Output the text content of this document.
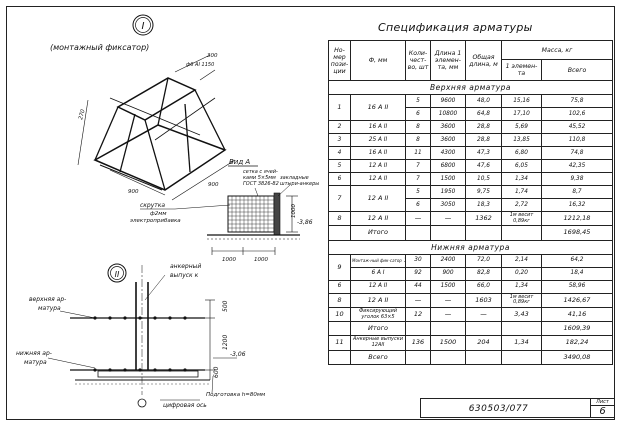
I
(монтажный фиксатор)
300
ф6 АI 1150
270
900
900
Вид А
сетка с ячей-
ками 5×5мм
ГОСТ 3826-82
закладные
штыри-анкеры
скрутка
ф2мм
электроприбавка
1000
-3,86
1000	1000
II
анкерный
выпуск к
верхняя ар-
матура
нижняя ар-
матура
500
1200
600
-3,06
Подготовка h=80мм
цифровая ось
Спецификация арматуры
Но-мер пози-ции	Ф, мм	Коли-чест-во, шт	Длина 1 элемен-та, мм	Общая длина, м	Масса, кг	
					1 элемен-та	Всего
Верхняя арматура						
1	16 А II	5	9600	48,0	15,16	75,8
		6	10800	64,8	17,10	102,6
2	16 А II	8	3600	28,8	5,69	45,52
3	25 А II	8	3600	28,8	13,85	110,8
4	16 А II	11	4300	47,3	6,80	74,8
5	12 А II	7	6800	47,6	6,05	42,35
6	12 А II	7	1500	10,5	1,34	9,38
7	12 А II	5	1950	9,75	1,74	8,7
		6	3050	18,3	2,72	16,32
8	12 А II	—	—	1362	1м весит 0,89кг	1212,18
	Итого					1698,45
Нижняя арматура						
9	Монтаж-ный фик-сатор	30	2400	72,0	2,14	64,2
	6 А I	92	900	82,8	0,20	18,4
6	12 А II	44	1500	66,0	1,34	58,96
8	12 А II	—	—	1603	1м весит 0,89кг	1426,67
10	Фиксирующий уголок 63×5	12	—	—	3,43	41,16
	Итого					1609,39
11	Анкерные выпуски 12АII	136	1500	204	1,34	182,24
	Всего					3490,08
630503/077
Лист
6
